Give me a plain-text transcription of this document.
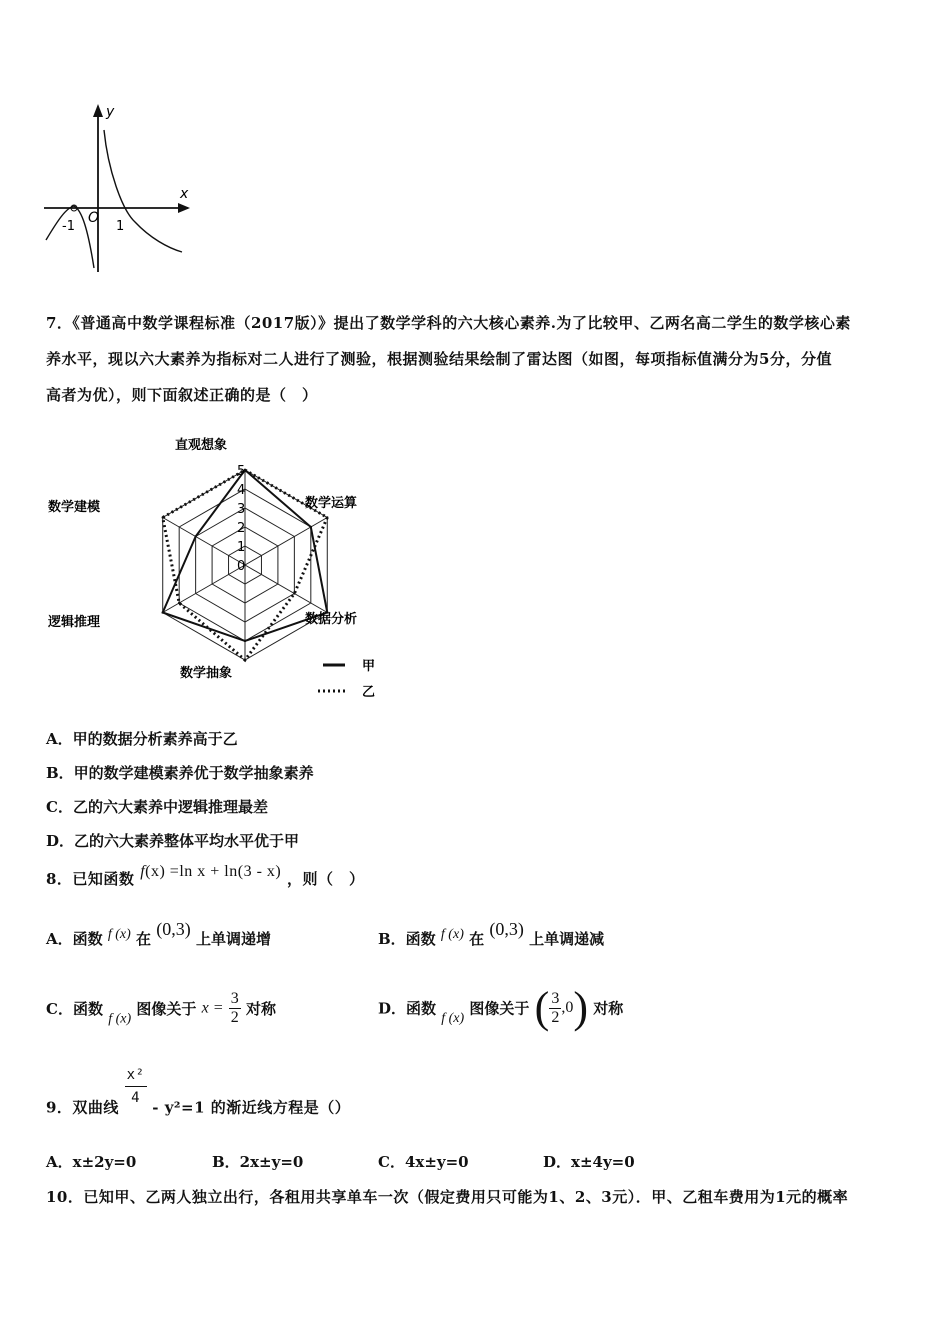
y
x
O
-1	1
7．《普通高中数学课程标准（2017版）》提出了数学学科的六大核心素养.为了比较甲、乙两名高二学生的数学核心素
养水平，现以六大素养为指标对二人进行了测验，根据测验结果绘制了雷达图（如图，每项指标值满分为5分，分值
高者为优），则下面叙述正确的是（　）
直观想象
数学运算
数据分析
数学抽象
逻辑推理
数学建模
5
4
3
2
1
0
甲
乙
A．甲的数据分析素养高于乙
B．甲的数学建模素养优于数学抽象素养
C．乙的六大素养中逻辑推理最差
D．乙的六大素养整体平均水平优于甲
8．已知函数 f(x) =ln x + ln(3 - x) ，则（　）
A．函数 f (x) 在 (0,3) 上单调递增	B．函数 f (x) 在 (0,3) 上单调递减
C．函数 f (x) 图像关于 $x = \frac{3}{2}$ 对称	D．函数 f (x) 图像关于 ( $\frac{3}{2} ,0$) 对称
9．双曲线 $\frac{\text{x²}}{4} - y^2=1$ 的渐近线方程是（）
A．x±2y=0	B．2x±y=0	C．4x±y=0	D．x±4y=0
10．已知甲、乙两人独立出行，各租用共享单车一次（假定费用只可能为1、2、3元）．甲、乙租车费用为1元的概率
